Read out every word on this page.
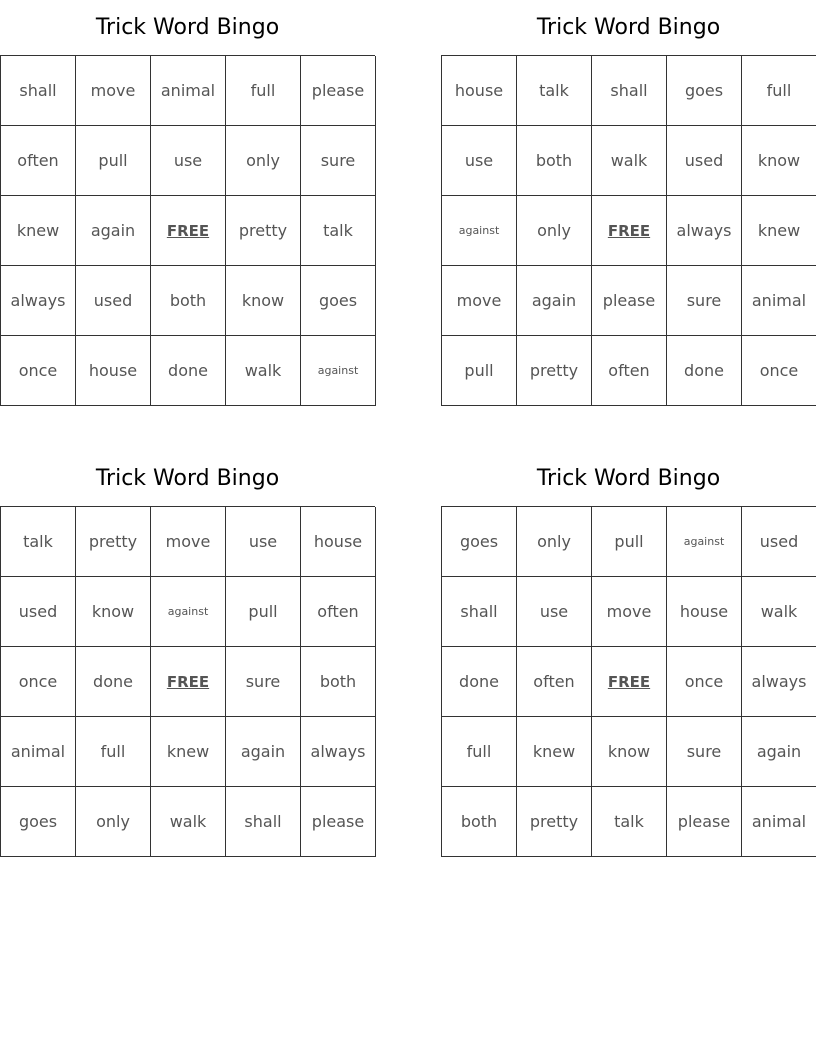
Trick Word Bingo
shall	move	animal	full	please
often	pull	use	only	sure
knew	again	FREE	pretty	talk
always	used	both	know	goes
once	house	done	walk	against
Trick Word Bingo
house	talk	shall	goes	full
use	both	walk	used	know
against	only	FREE	always	knew
move	again	please	sure	animal
pull	pretty	often	done	once
Trick Word Bingo
talk	pretty	move	use	house
used	know	against	pull	often
once	done	FREE	sure	both
animal	full	knew	again	always
goes	only	walk	shall	please
Trick Word Bingo
goes	only	pull	against	used
shall	use	move	house	walk
done	often	FREE	once	always
full	knew	know	sure	again
both	pretty	talk	please	animal
